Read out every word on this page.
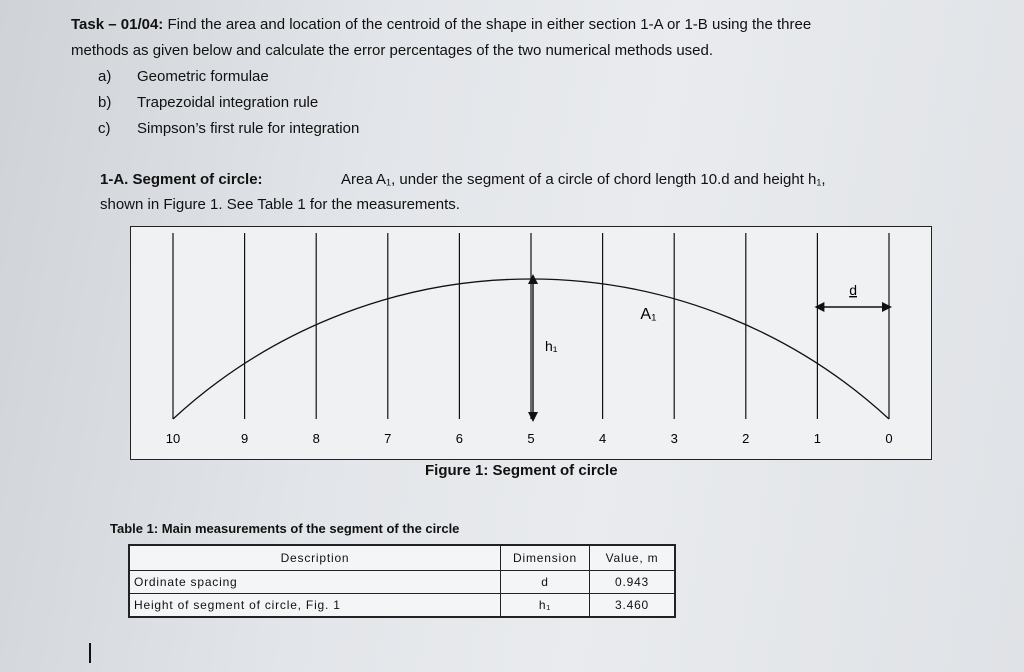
Task – 01/04: Find the area and location of the centroid of the shape in either section 1-A or 1-B using the three
methods as given below and calculate the error percentages of the two numerical methods used.
a) Geometric formulae
b) Trapezoidal integration rule
c) Simpson’s first rule for integration
1-A. Segment of circle:	Area A₁, under the segment of a circle of chord length 10.d and height h₁,
shown in Figure 1. See Table 1 for the measurements.
h₁
A₁
d
10	9	8	7	6	5	4	3	2	1	0
Figure 1: Segment of circle
Table 1: Main measurements of the segment of the circle
Description	Dimension	Value, m
Ordinate spacing	d	0.943
Height of segment of circle, Fig. 1	h₁	3.460
